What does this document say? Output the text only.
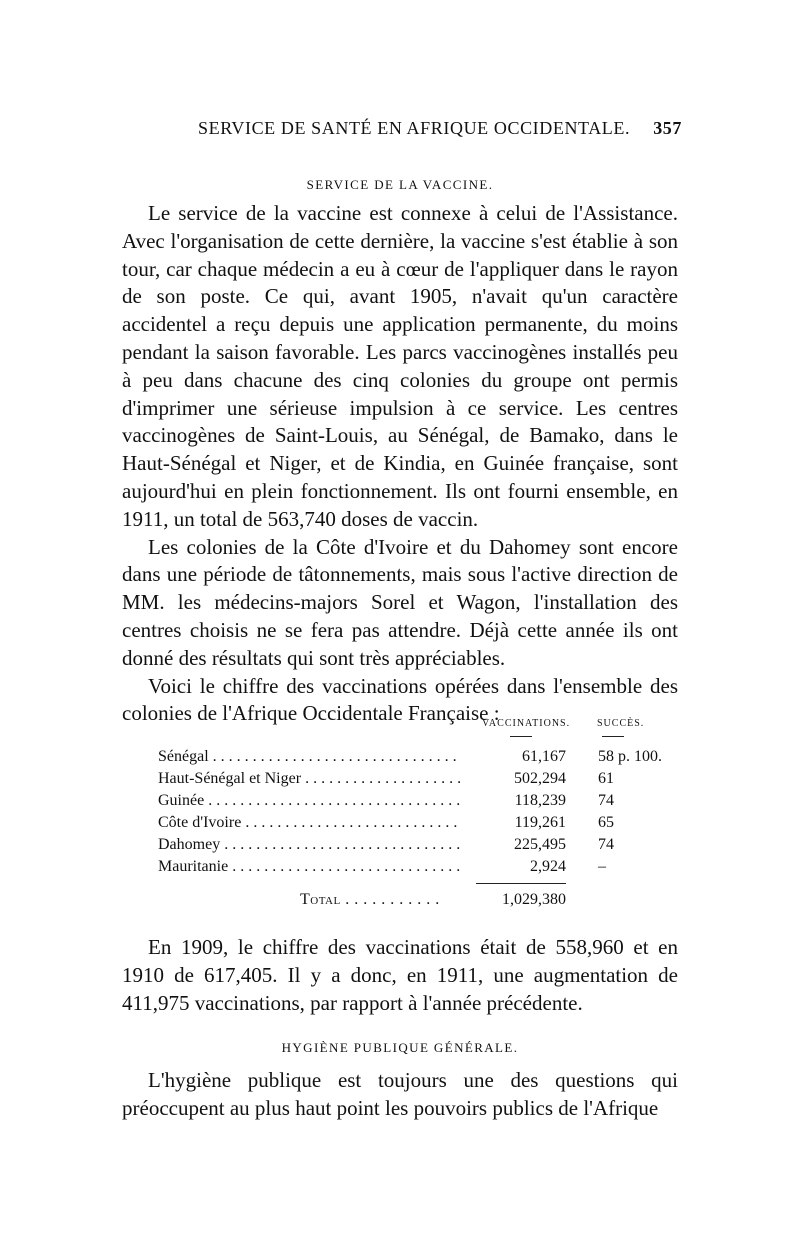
SERVICE DE SANTÉ EN AFRIQUE OCCIDENTALE. 357
SERVICE DE LA VACCINE.

Le service de la vaccine est connexe à celui de l'Assistance. Avec l'organisation de cette dernière, la vaccine s'est établie à son tour, car chaque médecin a eu à cœur de l'appliquer dans le rayon de son poste. Ce qui, avant 1905, n'avait qu'un caractère accidentel a reçu depuis une application permanente, du moins pendant la saison favorable. Les parcs vaccinogènes installés peu à peu dans chacune des cinq colonies du groupe ont permis d'imprimer une sérieuse impulsion à ce service. Les centres vaccinogènes de Saint-Louis, au Sénégal, de Bamako, dans le Haut-Sénégal et Niger, et de Kindia, en Guinée française, sont aujourd'hui en plein fonctionnement. Ils ont fourni ensemble, en 1911, un total de 563,740 doses de vaccin.

Les colonies de la Côte d'Ivoire et du Dahomey sont encore dans une période de tâtonnements, mais sous l'active direction de MM. les médecins-majors Sorel et Wagon, l'installation des centres choisis ne se fera pas attendre. Déjà cette année ils ont donné des résultats qui sont très appréciables.

Voici le chiffre des vaccinations opérées dans l'ensemble des colonies de l'Afrique Occidentale Française :

VACCINATIONS.	SUCCÈS.
Sénégal . . .	61,167 58 p. 100.
Haut-Sénégal et Niger . . .	502,294 61
Guinée . . .	118,239 74
Côte d'Ivoire . . .	119,261 65
Dahomey . . .	225,495 74
Mauritanie . . .	2,924 –
Total . . .	1,029,380

En 1909, le chiffre des vaccinations était de 558,960 et en 1910 de 617,405. Il y a donc, en 1911, une augmentation de 411,975 vaccinations, par rapport à l'année précédente.

HYGIÈNE PUBLIQUE GÉNÉRALE.

L'hygiène publique est toujours une des questions qui préoccupent au plus haut point les pouvoirs publics de l'Afrique
